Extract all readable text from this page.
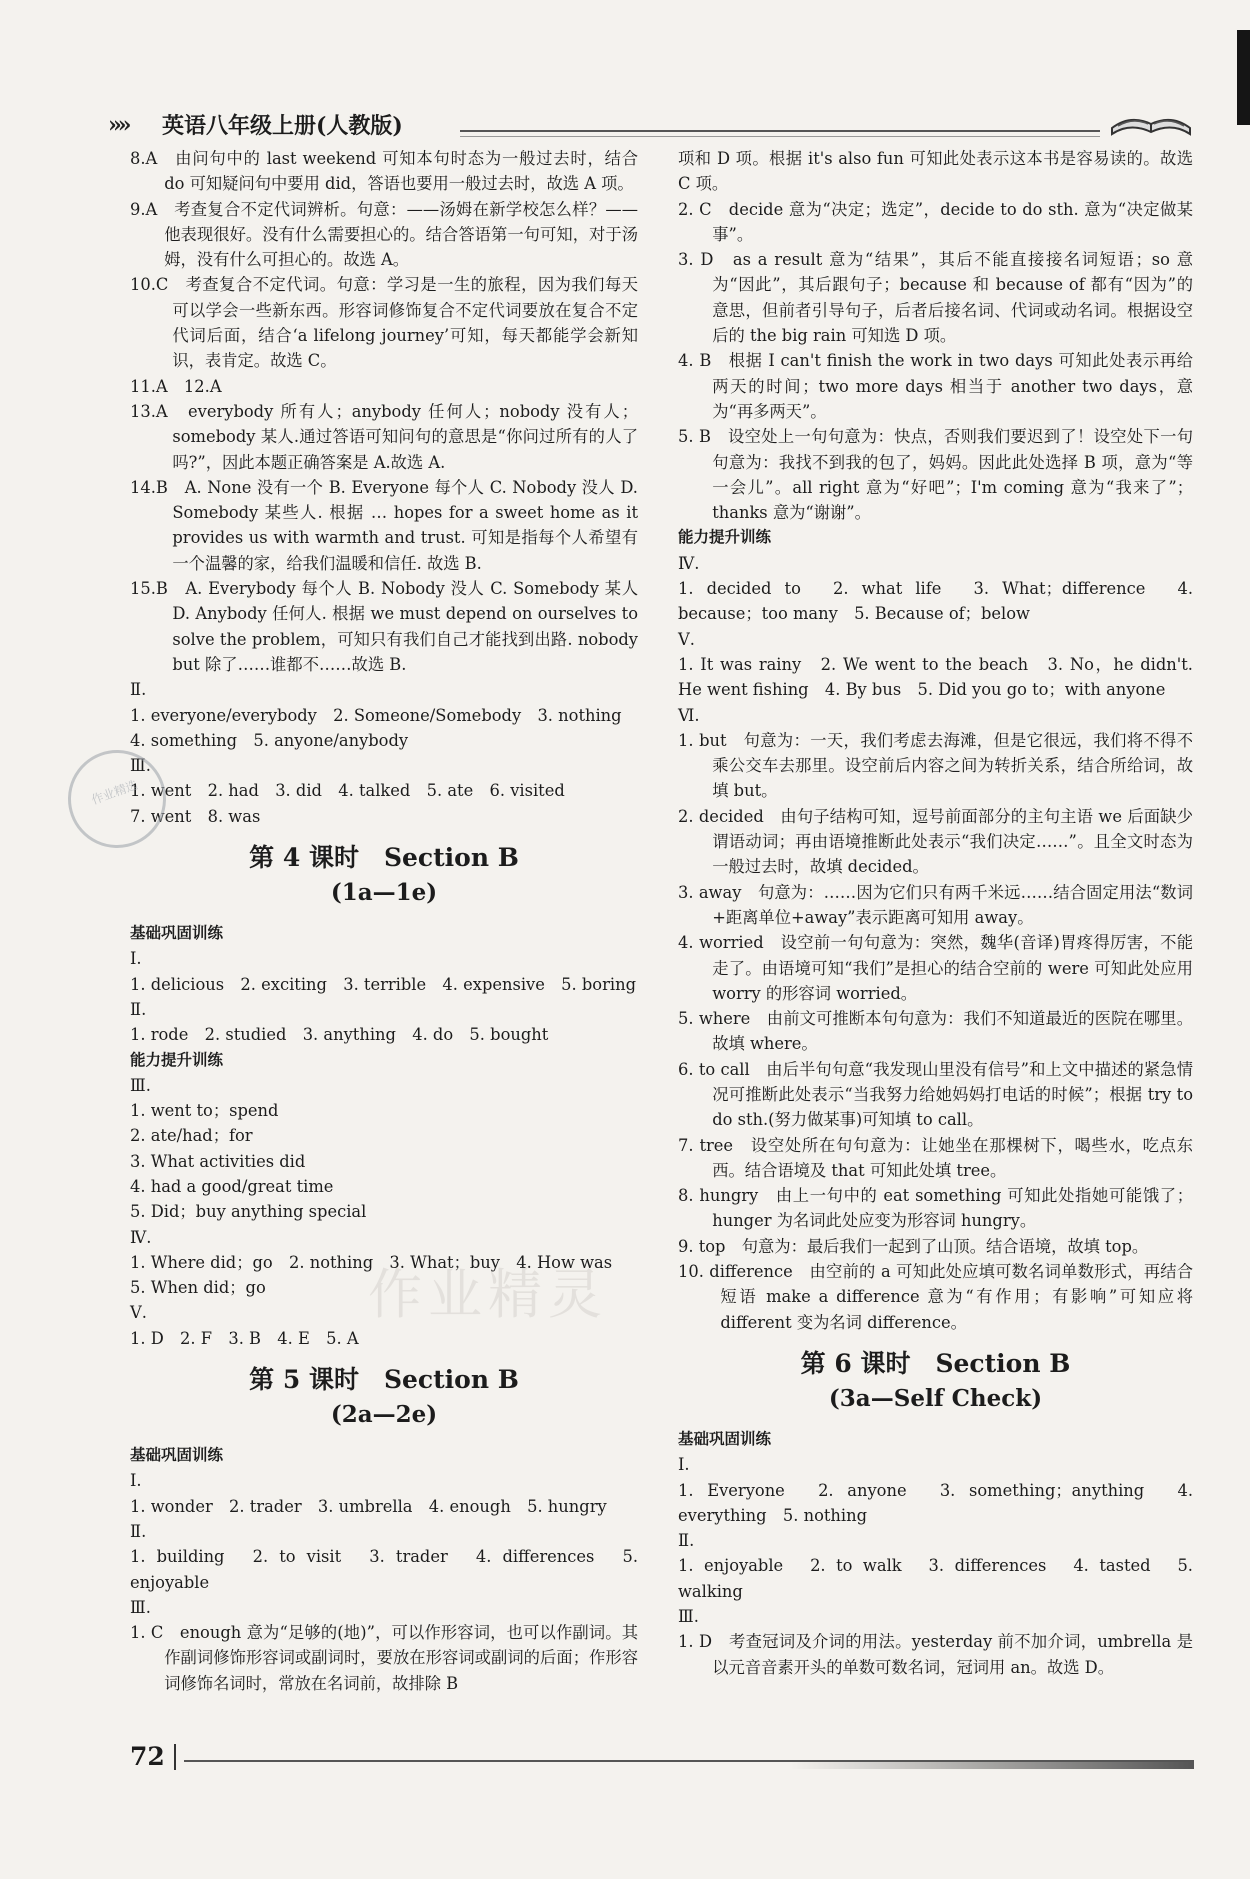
»» 英语八年级上册(人教版)

8.A　由问句中的 last weekend 可知本句时态为一般过去时，结合 do 可知疑问句中要用 did，答语也要用一般过去时，故选 A 项。

9.A　考查复合不定代词辨析。句意：——汤姆在新学校怎么样？——他表现很好。没有什么需要担心的。结合答语第一句可知，对于汤姆，没有什么可担心的。故选 A。

10.C　考查复合不定代词。句意：学习是一生的旅程，因为我们每天可以学会一些新东西。形容词修饰复合不定代词要放在复合不定代词后面，结合‘a lifelong journey’可知，每天都能学会新知识，表肯定。故选 C。

11.A　12.A

13.A　everybody 所有人；anybody 任何人；nobody 没有人；somebody 某人.通过答语可知问句的意思是“你问过所有的人了吗?”，因此本题正确答案是 A.故选 A.

14.B　A. None 没有一个 B. Everyone 每个人 C. Nobody 没人 D. Somebody 某些人. 根据 … hopes for a sweet home as it provides us with warmth and trust. 可知是指每个人希望有一个温馨的家，给我们温暖和信任. 故选 B.

15.B　A. Everybody 每个人 B. Nobody 没人 C. Somebody 某人 D. Anybody 任何人. 根据 we must depend on ourselves to solve the problem，可知只有我们自己才能找到出路. nobody but 除了……谁都不……故选 B.

Ⅱ.

1. everyone/everybody　2. Someone/Somebody　3. nothing

4. something　5. anyone/anybody

Ⅲ.

1. went　2. had　3. did　4. talked　5. ate　6. visited

7. went　8. was

第 4 课时　Section B
(1a—1e)

基础巩固训练

Ⅰ.

1. delicious　2. exciting　3. terrible　4. expensive　5. boring

Ⅱ.

1. rode　2. studied　3. anything　4. do　5. bought

能力提升训练

Ⅲ.

1. went to；spend

2. ate/had；for

3. What activities did

4. had a good/great time

5. Did；buy anything special

Ⅳ.

1. Where did；go　2. nothing　3. What；buy　4. How was

5. When did；go

Ⅴ.

1. D　2. F　3. B　4. E　5. A

第 5 课时　Section B
(2a—2e)

基础巩固训练

Ⅰ.

1. wonder　2. trader　3. umbrella　4. enough　5. hungry

Ⅱ.

1. building　2. to visit　3. trader　4. differences　5. enjoyable

Ⅲ.

1. C　enough 意为“足够的(地)”，可以作形容词，也可以作副词。其作副词修饰形容词或副词时，要放在形容词或副词的后面；作形容词修饰名词时，常放在名词前，故排除 B

项和 D 项。根据 it's also fun 可知此处表示这本书是容易读的。故选 C 项。

2. C　decide 意为“决定；选定”，decide to do sth. 意为“决定做某事”。

3. D　as a result 意为“结果”，其后不能直接接名词短语；so 意为“因此”，其后跟句子；because 和 because of 都有“因为”的意思，但前者引导句子，后者后接名词、代词或动名词。根据设空后的 the big rain 可知选 D 项。

4. B　根据 I can't finish the work in two days 可知此处表示再给两天的时间；two more days 相当于 another two days，意为“再多两天”。

5. B　设空处上一句句意为：快点，否则我们要迟到了！设空处下一句句意为：我找不到我的包了，妈妈。因此此处选择 B 项，意为“等一会儿”。all right 意为“好吧”；I'm coming 意为“我来了”；thanks 意为“谢谢”。

能力提升训练

Ⅳ.

1. decided to　2. what life　3. What；difference　4. because；too many　5. Because of；below

Ⅴ.

1. It was rainy　2. We went to the beach　3. No，he didn't. He went fishing　4. By bus　5. Did you go to；with anyone

Ⅵ.

1. but　句意为：一天，我们考虑去海滩，但是它很远，我们将不得不乘公交车去那里。设空前后内容之间为转折关系，结合所给词，故填 but。

2. decided　由句子结构可知，逗号前面部分的主句主语 we 后面缺少谓语动词；再由语境推断此处表示“我们决定……”。且全文时态为一般过去时，故填 decided。

3. away　句意为：……因为它们只有两千米远……结合固定用法“数词+距离单位+away”表示距离可知用 away。

4. worried　设空前一句句意为：突然，魏华(音译)胃疼得厉害，不能走了。由语境可知“我们”是担心的结合空前的 were 可知此处应用 worry 的形容词 worried。

5. where　由前文可推断本句句意为：我们不知道最近的医院在哪里。故填 where。

6. to call　由后半句句意“我发现山里没有信号”和上文中描述的紧急情况可推断此处表示“当我努力给她妈妈打电话的时候”；根据 try to do sth.(努力做某事)可知填 to call。

7. tree　设空处所在句句意为：让她坐在那棵树下，喝些水，吃点东西。结合语境及 that 可知此处填 tree。

8. hungry　由上一句中的 eat something 可知此处指她可能饿了；hunger 为名词此处应变为形容词 hungry。

9. top　句意为：最后我们一起到了山顶。结合语境，故填 top。

10. difference　由空前的 a 可知此处应填可数名词单数形式，再结合短语 make a difference 意为“有作用；有影响”可知应将 different 变为名词 difference。

第 6 课时　Section B
(3a—Self Check)

基础巩固训练

Ⅰ.

1. Everyone　2. anyone　3. something；anything　4. everything　5. nothing

Ⅱ.

1. enjoyable　2. to walk　3. differences　4. tasted　5. walking

Ⅲ.

1. D　考查冠词及介词的用法。yesterday 前不加介词，umbrella 是以元音音素开头的单数可数名词，冠词用 an。故选 D。

作业精选
作业精灵
72
